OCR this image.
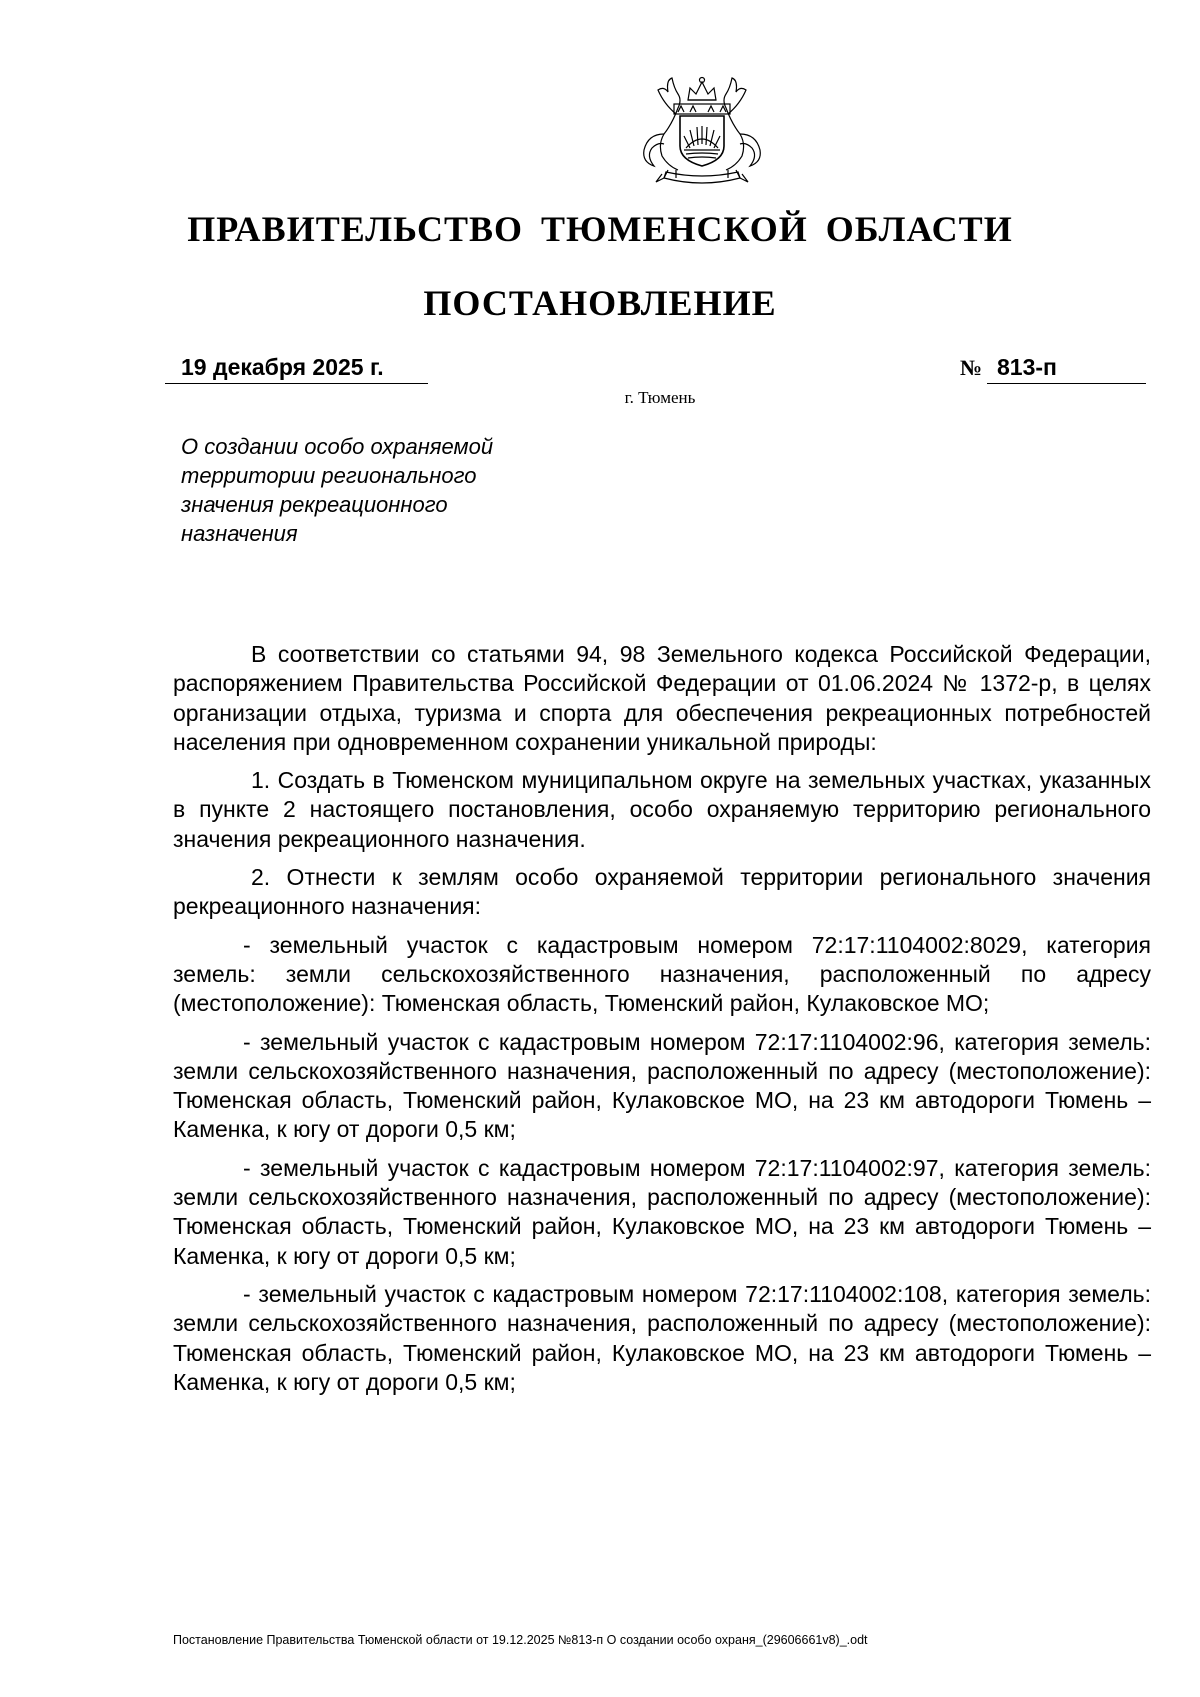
ПРАВИТЕЛЬСТВО ТЮМЕНСКОЙ ОБЛАСТИ
ПОСТАНОВЛЕНИЕ
19 декабря 2025 г.	№ 813-п
г. Тюмень
О создании особо охраняемой
территории регионального
значения рекреационного
назначения

В соответствии со статьями 94, 98 Земельного кодекса Российской Федерации, распоряжением Правительства Российской Федерации от 01.06.2024 № 1372-р, в целях организации отдыха, туризма и спорта для обеспечения рекреационных потребностей населения при одновременном сохранении уникальной природы:

1. Создать в Тюменском муниципальном округе на земельных участках, указанных в пункте 2 настоящего постановления, особо охраняемую территорию регионального значения рекреационного назначения.

2. Отнести к землям особо охраняемой территории регионального значения рекреационного назначения:

- земельный участок с кадастровым номером 72:17:1104002:8029, категория земель: земли сельскохозяйственного назначения, расположенный по адресу (местоположение): Тюменская область, Тюменский район, Кулаковское МО;

- земельный участок с кадастровым номером 72:17:1104002:96, категория земель: земли сельскохозяйственного назначения, расположенный по адресу (местоположение): Тюменская область, Тюменский район, Кулаковское МО, на 23 км автодороги Тюмень – Каменка, к югу от дороги 0,5 км;

- земельный участок с кадастровым номером 72:17:1104002:97, категория земель: земли сельскохозяйственного назначения, расположенный по адресу (местоположение): Тюменская область, Тюменский район, Кулаковское МО, на 23 км автодороги Тюмень – Каменка, к югу от дороги 0,5 км;

- земельный участок с кадастровым номером 72:17:1104002:108, категория земель: земли сельскохозяйственного назначения, расположенный по адресу (местоположение): Тюменская область, Тюменский район, Кулаковское МО, на 23 км автодороги Тюмень – Каменка, к югу от дороги 0,5 км;

Постановление Правительства Тюменской области от 19.12.2025 №813-п О создании особо охраня_(29606661v8)_.odt
